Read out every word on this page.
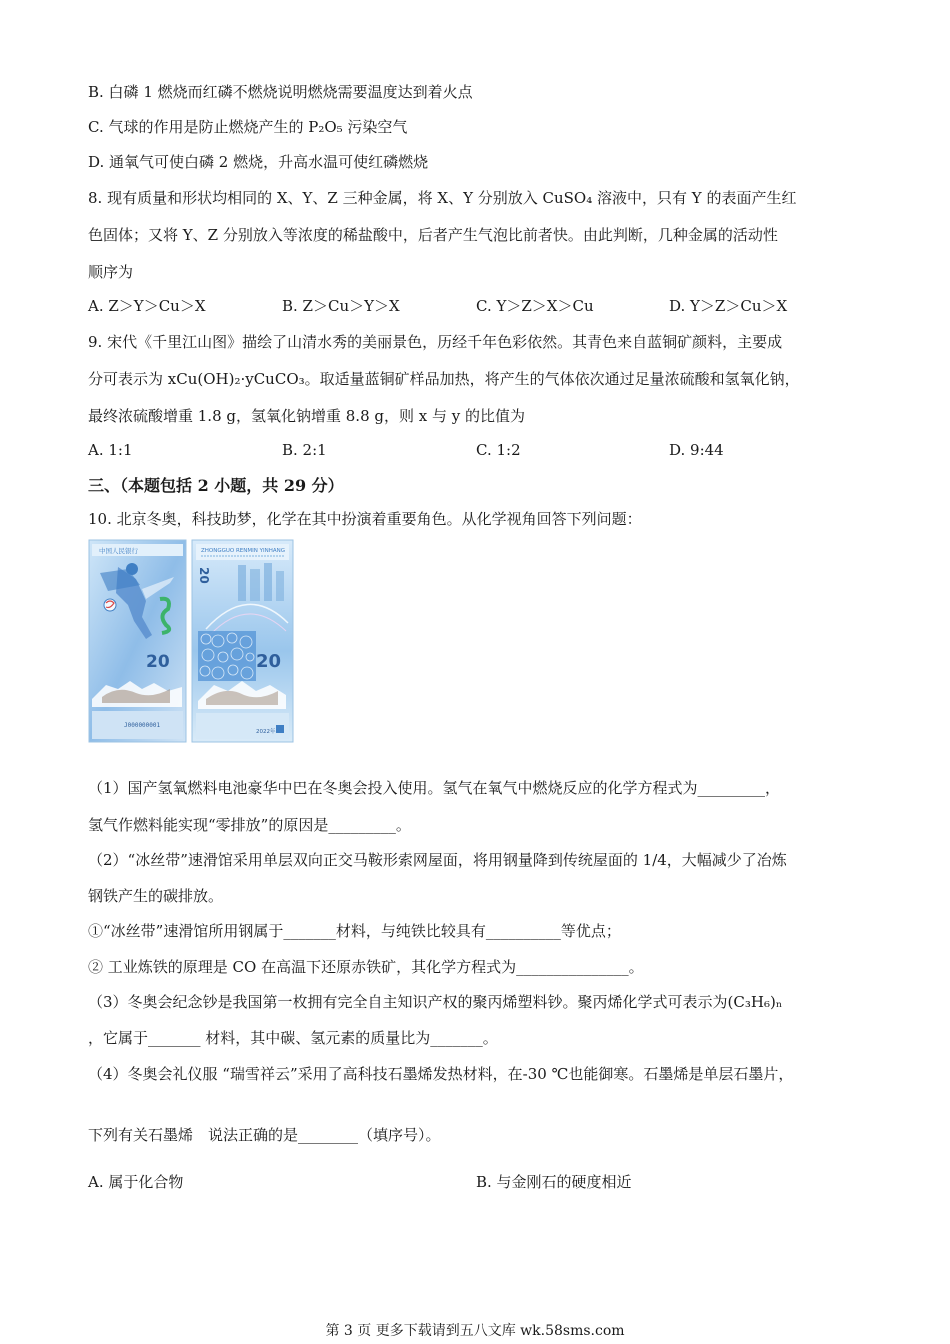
B. 白磷 1 燃烧而红磷不燃烧说明燃烧需要温度达到着火点
C. 气球的作用是防止燃烧产生的 P₂O₅ 污染空气
D. 通氧气可使白磷 2 燃烧，升高水温可使红磷燃烧
8. 现有质量和形状均相同的 X、Y、Z 三种金属，将 X、Y 分别放入 CuSO₄ 溶液中，只有 Y 的表面产生红
色固体；又将 Y、Z 分别放入等浓度的稀盐酸中，后者产生气泡比前者快。由此判断，几种金属的活动性
顺序为
A. Z＞Y＞Cu＞X	B. Z＞Cu＞Y＞X	C. Y＞Z＞X＞Cu	D. Y＞Z＞Cu＞X
9. 宋代《千里江山图》描绘了山清水秀的美丽景色，历经千年色彩依然。其青色来自蓝铜矿颜料，主要成
分可表示为 xCu(OH)₂·yCuCO₃。取适量蓝铜矿样品加热，将产生的气体依次通过足量浓硫酸和氢氧化钠，
最终浓硫酸增重 1.8 g，氢氧化钠增重 8.8 g，则 x 与 y 的比值为
A. 1:1	B. 2:1	C. 1:2	D. 9:44
三、（本题包括 2 小题，共 29 分）
10. 北京冬奥，科技助梦，化学在其中扮演着重要角色。从化学视角回答下列问题：
中国人民银行
20
J000000001
ZHONGGUO RENMIN YINHANG
20
20
2022年
（1）国产氢氧燃料电池豪华中巴在冬奥会投入使用。氢气在氧气中燃烧反应的化学方程式为_________，
氢气作燃料能实现“零排放”的原因是_________。
（2）“冰丝带”速滑馆采用单层双向正交马鞍形索网屋面，将用钢量降到传统屋面的 1/4，大幅减少了冶炼
钢铁产生的碳排放。
①“冰丝带”速滑馆所用钢属于_______材料，与纯铁比较具有__________等优点；
② 工业炼铁的原理是 CO 在高温下还原赤铁矿，其化学方程式为_______________。
（3）冬奥会纪念钞是我国第一枚拥有完全自主知识产权的聚丙烯塑料钞。聚丙烯化学式可表示为(C₃H₆)ₙ
，它属于_______ 材料，其中碳、氢元素的质量比为_______。
（4）冬奥会礼仪服 “瑞雪祥云”采用了高科技石墨烯发热材料，在-30 ℃也能御寒。石墨烯是单层石墨片，
下列有关石墨烯　说法正确的是________（填序号）。
A. 属于化合物	B. 与金刚石的硬度相近
第 3 页 更多下载请到五八文库 wk.58sms.com
